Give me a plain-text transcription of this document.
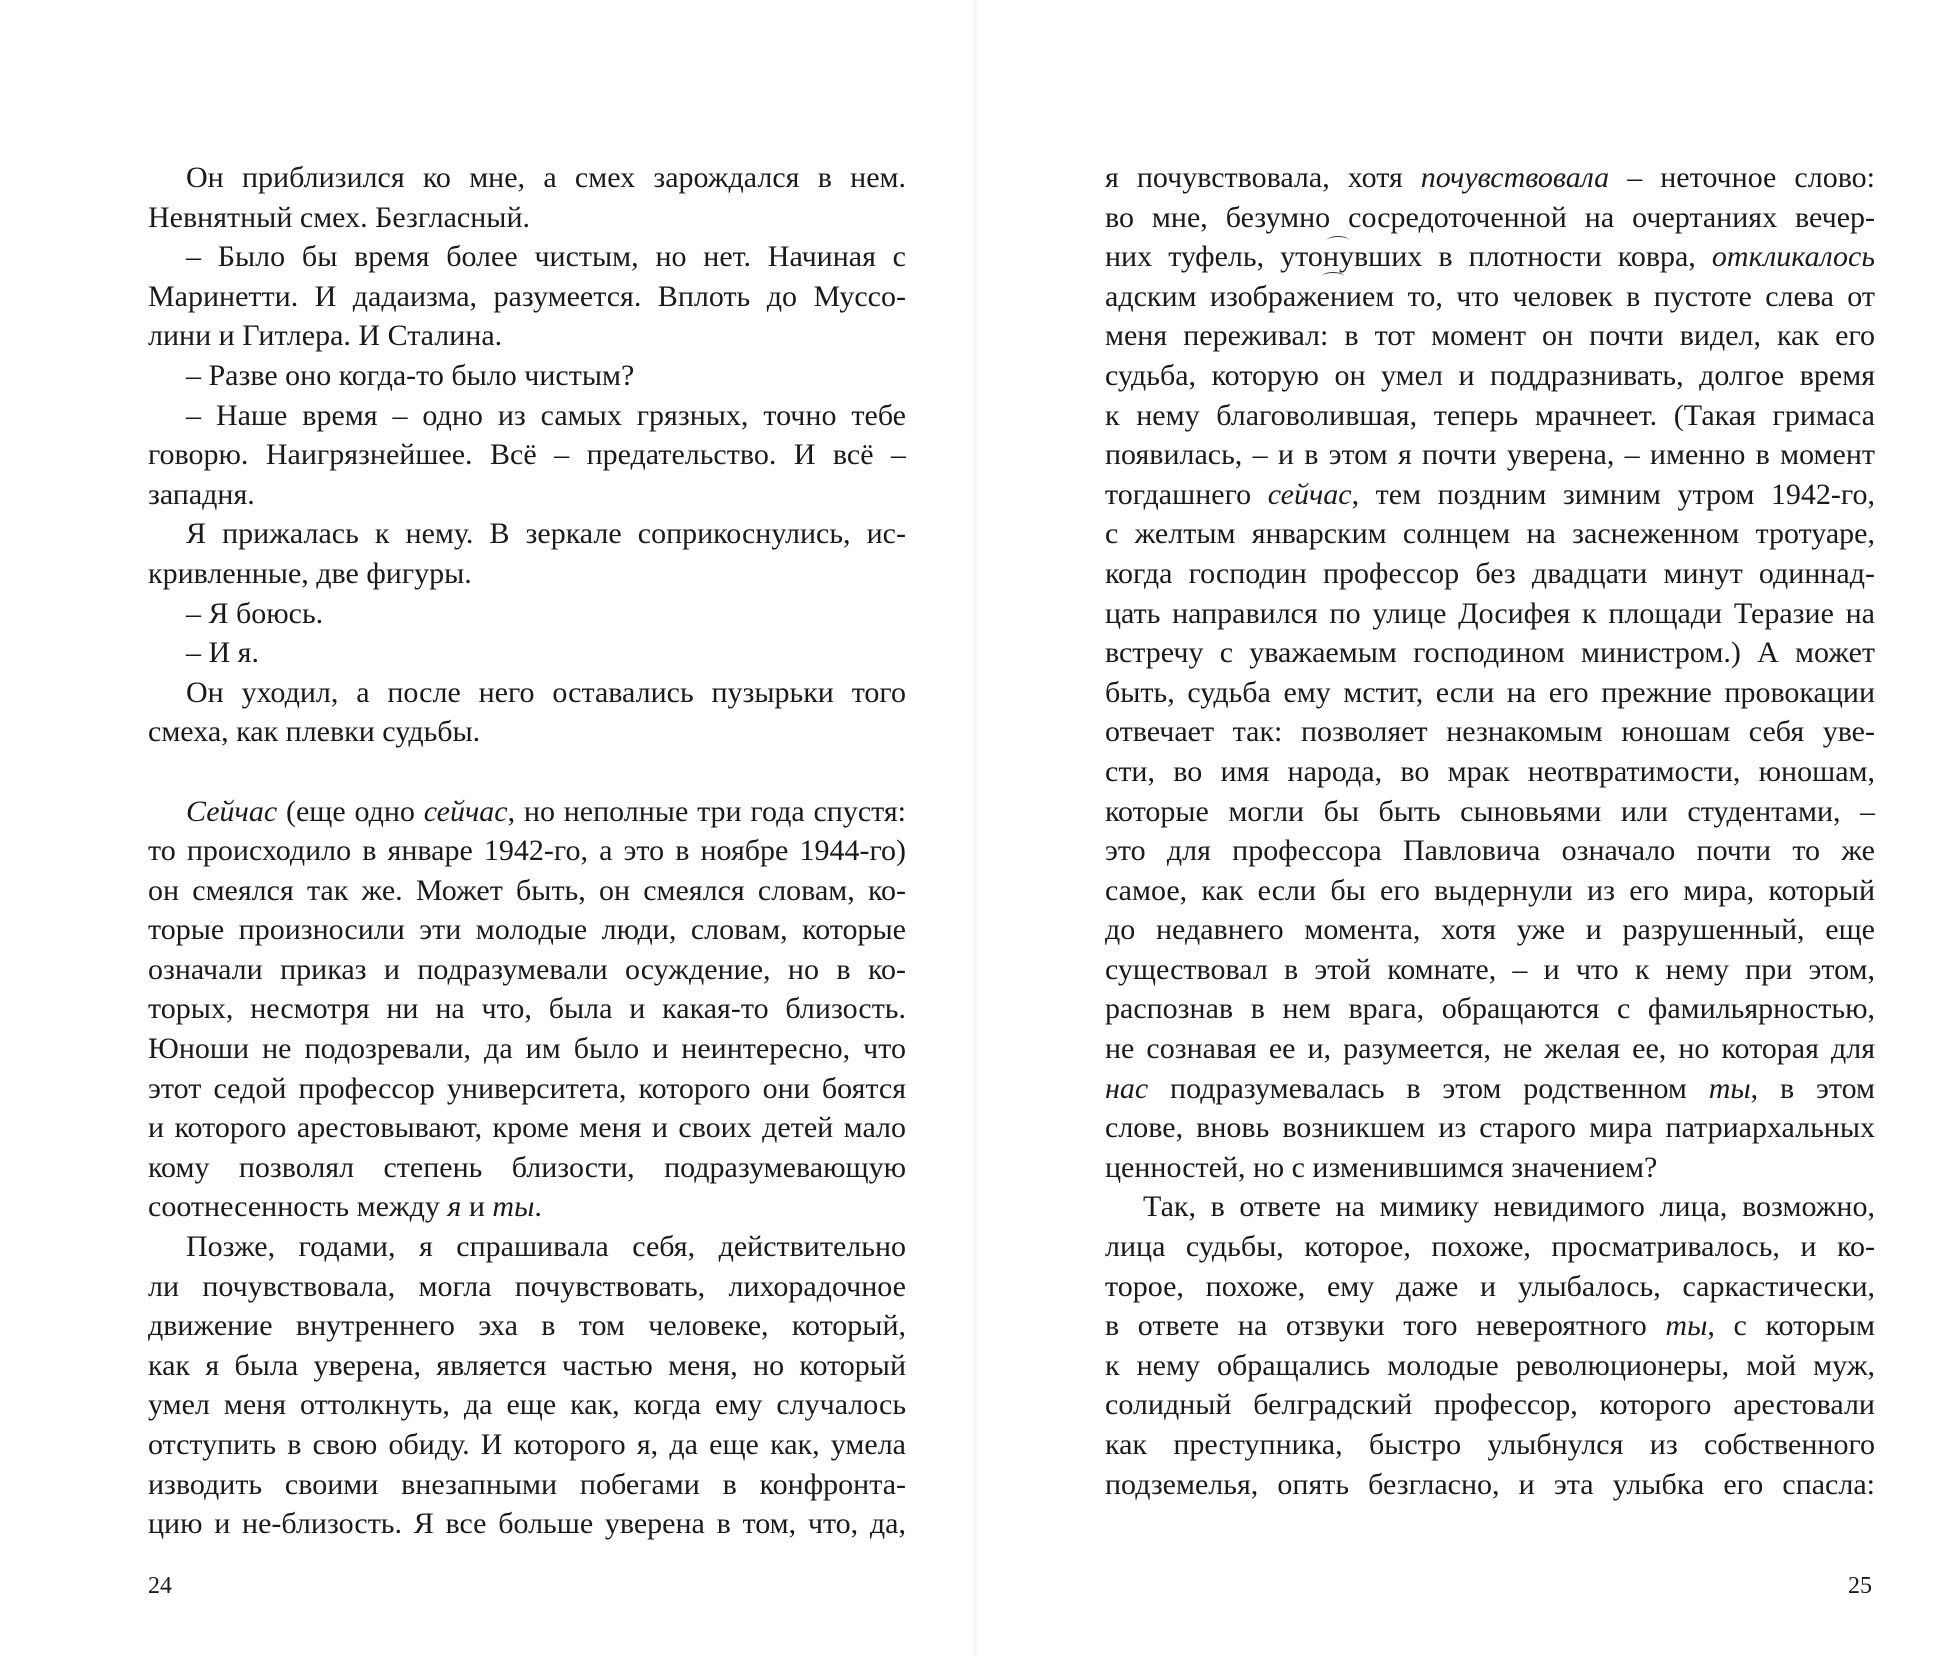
Он приблизился ко мне, а смех зарождался в нем.
Невнятный смех. Безгласный.
– Было бы время более чистым, но нет. Начиная с
Маринетти. И дадаизма, разумеется. Вплоть до Муссо-
лини и Гитлера. И Сталина.
– Разве оно когда-то было чистым?
– Наше время – одно из самых грязных, точно тебе
говорю. Наигрязнейшее. Всё – предательство. И всё –
западня.
Я прижалась к нему. В зеркале соприкоснулись, ис-
кривленные, две фигуры.
– Я боюсь.
– И я.
Он уходил, а после него оставались пузырьки того
смеха, как плевки судьбы.
Сейчас (еще одно сейчас, но неполные три года спустя:
то происходило в январе 1942-го, а это в ноябре 1944-го)
он смеялся так же. Может быть, он смеялся словам, ко-
торые произносили эти молодые люди, словам, которые
означали приказ и подразумевали осуждение, но в ко-
торых, несмотря ни на что, была и какая-то близость.
Юноши не подозревали, да им было и неинтересно, что
этот седой профессор университета, которого они боятся
и которого арестовывают, кроме меня и своих детей мало
кому позволял степень близости, подразумевающую
соотнесенность между я и ты.
Позже, годами, я спрашивала себя, действительно
ли почувствовала, могла почувствовать, лихорадочное
движение внутреннего эха в том человеке, который,
как я была уверена, является частью меня, но который
умел меня оттолкнуть, да еще как, когда ему случалось
отступить в свою обиду. И которого я, да еще как, умела
изводить своими внезапными побегами в конфронта-
цию и не-близость. Я все больше уверена в том, что, да,
я почувствовала, хотя почувствовала – неточное слово:
во мне, безумно сосредоточенной на очертаниях вечер-
них туфель, утонувших в плотности ковра, откликалось
адским изображением то, что человек в пустоте слева от
меня переживал: в тот момент он почти видел, как его
судьба, которую он умел и поддразнивать, долгое время
к нему благоволившая, теперь мрачнеет. (Такая гримаса
появилась, – и в этом я почти уверена, – именно в момент
тогдашнего сейчас, тем поздним зимним утром 1942-го,
с желтым январским солнцем на заснеженном тротуаре,
когда господин профессор без двадцати минут одиннад-
цать направился по улице Досифея к площади Теразие на
встречу с уважаемым господином министром.) А может
быть, судьба ему мстит, если на его прежние провокации
отвечает так: позволяет незнакомым юношам себя уве-
сти, во имя народа, во мрак неотвратимости, юношам,
которые могли бы быть сыновьями или студентами, –
это для профессора Павловича означало почти то же
самое, как если бы его выдернули из его мира, который
до недавнего момента, хотя уже и разрушенный, еще
существовал в этой комнате, – и что к нему при этом,
распознав в нем врага, обращаются с фамильярностью,
не сознавая ее и, разумеется, не желая ее, но которая для
нас подразумевалась в этом родственном ты, в этом
слове, вновь возникшем из старого мира патриархальных
ценностей, но с изменившимся значением?
Так, в ответе на мимику невидимого лица, возможно,
лица судьбы, которое, похоже, просматривалось, и ко-
торое, похоже, ему даже и улыбалось, саркастически,
в ответе на отзвуки того невероятного ты, с которым
к нему обращались молодые революционеры, мой муж,
солидный белградский профессор, которого арестовали
как преступника, быстро улыбнулся из собственного
подземелья, опять безгласно, и эта улыбка его спасла:
24	25
